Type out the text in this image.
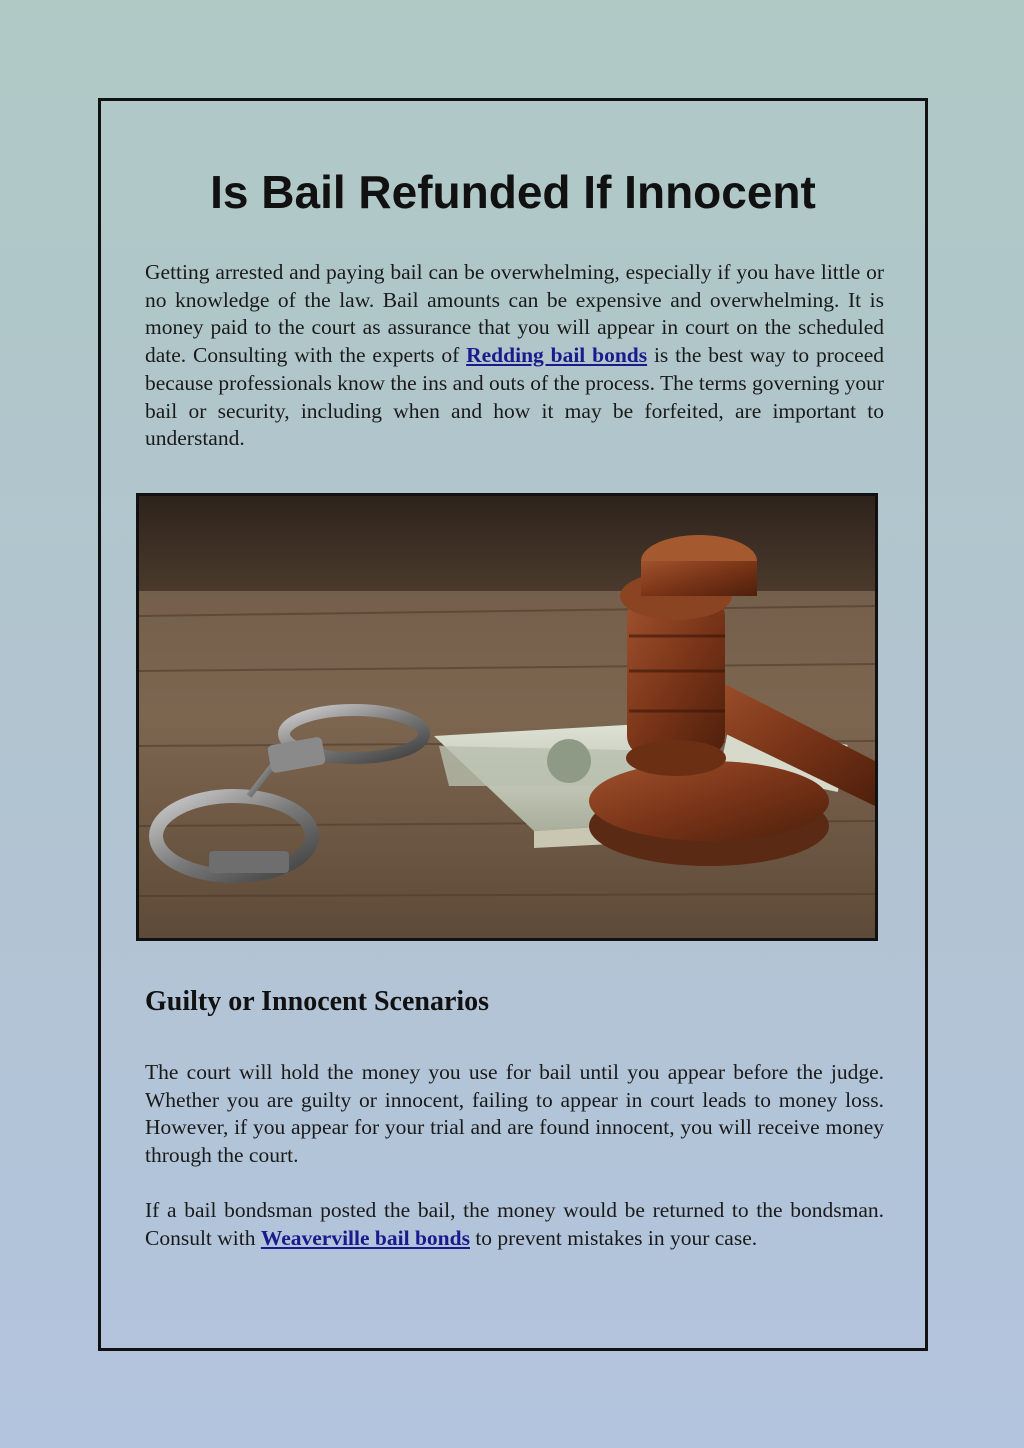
Is Bail Refunded If Innocent

Getting arrested and paying bail can be overwhelming, especially if you have little or no knowledge of the law. Bail amounts can be expensive and overwhelming. It is money paid to the court as assurance that you will appear in court on the scheduled date. Consulting with the experts of Redding bail bonds is the best way to proceed because professionals know the ins and outs of the process. The terms governing your bail or security, including when and how it may be forfeited, are important to understand.

Guilty or Innocent Scenarios

The court will hold the money you use for bail until you appear before the judge. Whether you are guilty or innocent, failing to appear in court leads to money loss. However, if you appear for your trial and are found innocent, you will receive money through the court.

If a bail bondsman posted the bail, the money would be returned to the bondsman. Consult with Weaverville bail bonds to prevent mistakes in your case.
